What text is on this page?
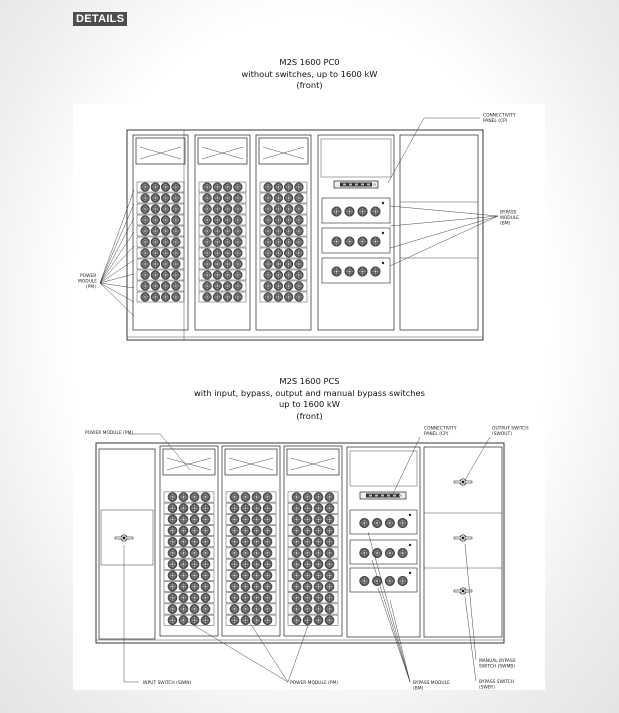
DETAILS
M2S 1600 PC0
without switches, up to 1600 kW
(front)
M2S 1600 PCS
with input, bypass, output and manual bypass switches
up to 1600 kW
(front)
CONNECTIVITY
PANEL (CP)
BYPASS
MODULE
(BM)
POWER
MODULE
(PM)
POWER MODULE (PM)
CONNECTIVITY
PANEL (CP)
OUTPUT SWITCH
(SWOUT)
INPUT SWITCH (SWIN)	POWER MODULE (PM)	BYPASS MODULE
(BM)
MANUAL BYPASS
SWITCH (SWMB)
BYPASS SWITCH
(SWBY)
